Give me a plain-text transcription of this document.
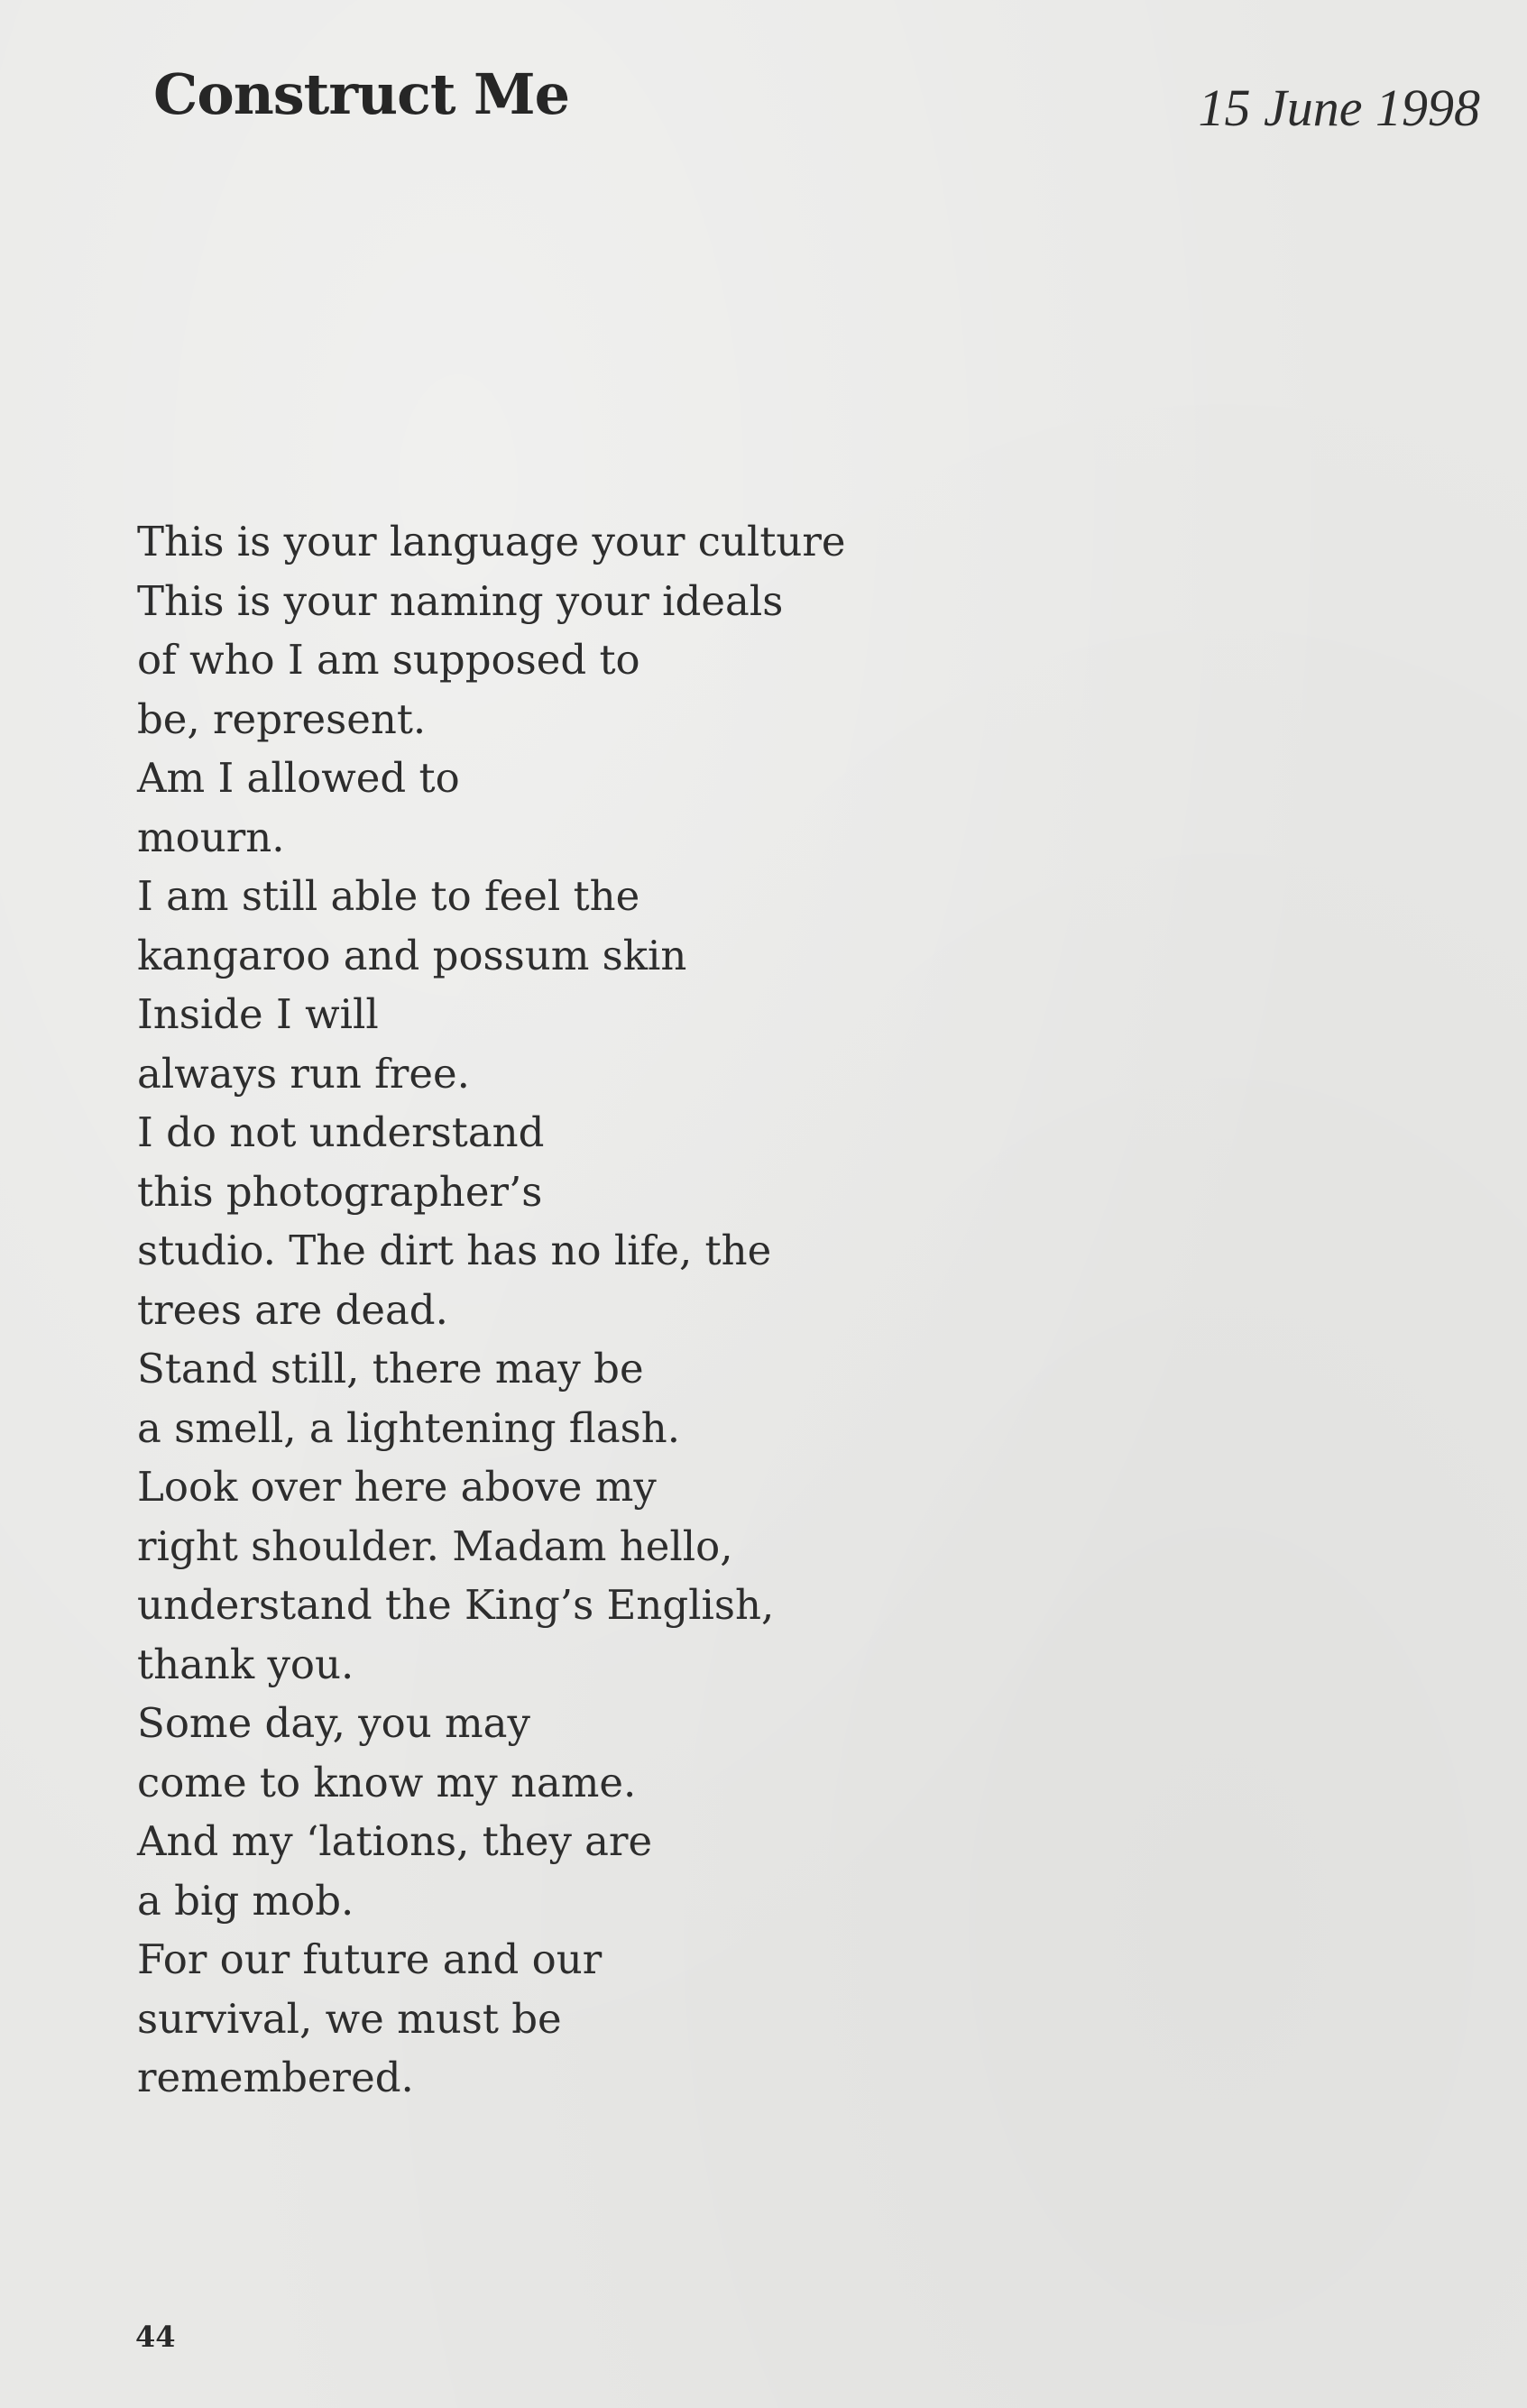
Construct Me	15 June 1998

This is your language your culture
This is your naming your ideals
of who I am supposed to
be, represent.
Am I allowed to
mourn.
I am still able to feel the
kangaroo and possum skin
Inside I will
always run free.
I do not understand
this photographer’s
studio. The dirt has no life, the
trees are dead.
Stand still, there may be
a smell, a lightening flash.
Look over here above my
right shoulder. Madam hello,
understand the King’s English,
thank you.
Some day, you may
come to know my name.
And my ‘lations, they are
a big mob.
For our future and our
survival, we must be
remembered.

44
